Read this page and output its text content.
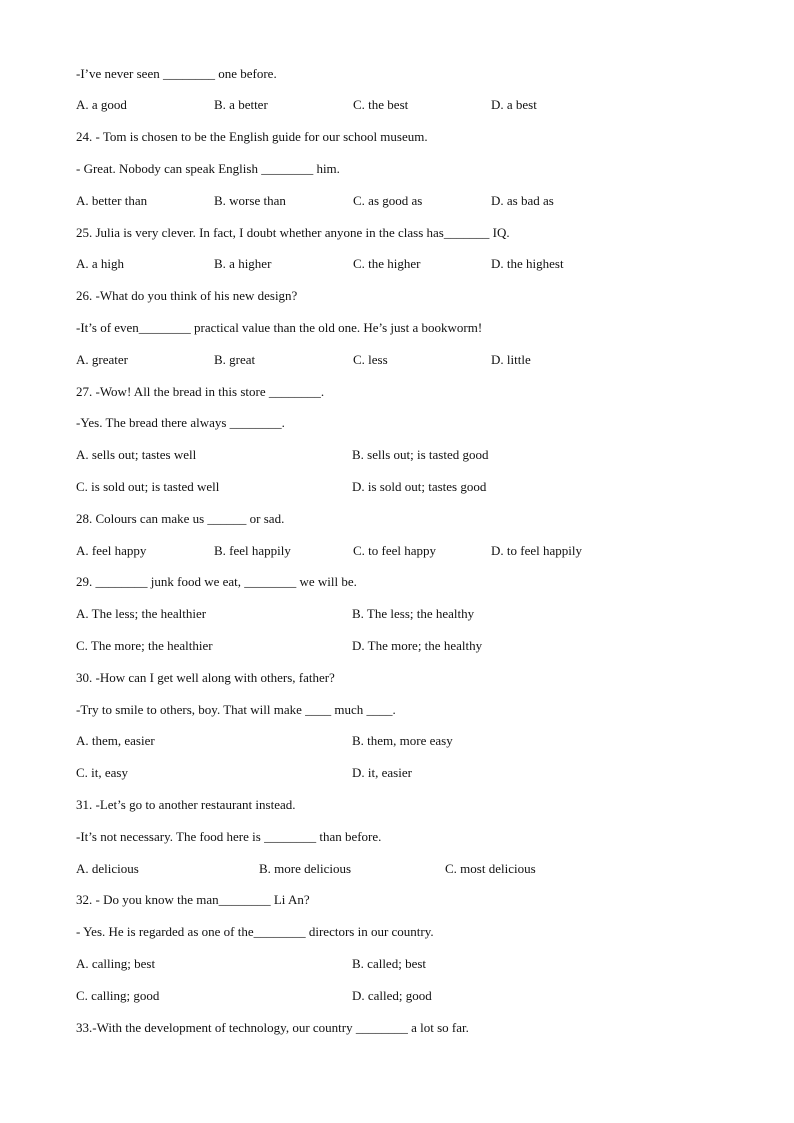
-I’ve never seen ________ one before.
A. a good	B. a better	C. the best	D. a best
24. - Tom is chosen to be the English guide for our school museum.
- Great. Nobody can speak English ________ him.
A. better than	B. worse than	C. as good as	D. as bad as
25. Julia is very clever. In fact, I doubt whether anyone in the class has_______ IQ.
A. a high	B. a higher	C. the higher	D. the highest
26. -What do you think of his new design?
-It’s of even________ practical value than the old one. He’s just a bookworm!
A. greater	B. great	C. less	D. little
27. -Wow! All the bread in this store ________.
-Yes. The bread there always ________.
A. sells out; tastes well	B. sells out; is tasted good
C. is sold out; is tasted well	D. is sold out; tastes good
28. Colours can make us ______ or sad.
A. feel happy	B. feel happily	C. to feel happy	D. to feel happily
29. ________ junk food we eat, ________ we will be.
A. The less; the healthier	B. The less; the healthy
C. The more; the healthier	D. The more; the healthy
30. -How can I get well along with others, father?
-Try to smile to others, boy. That will make ____ much ____.
A. them, easier	B. them, more easy
C. it, easy	D. it, easier
31. -Let’s go to another restaurant instead.
-It’s not necessary. The food here is ________ than before.
A. delicious	B. more delicious	C. most delicious
32. - Do you know the man________ Li An?
- Yes. He is regarded as one of the________ directors in our country.
A. calling; best	B. called; best
C. calling; good	D. called; good
33.-With the development of technology, our country ________ a lot so far.
